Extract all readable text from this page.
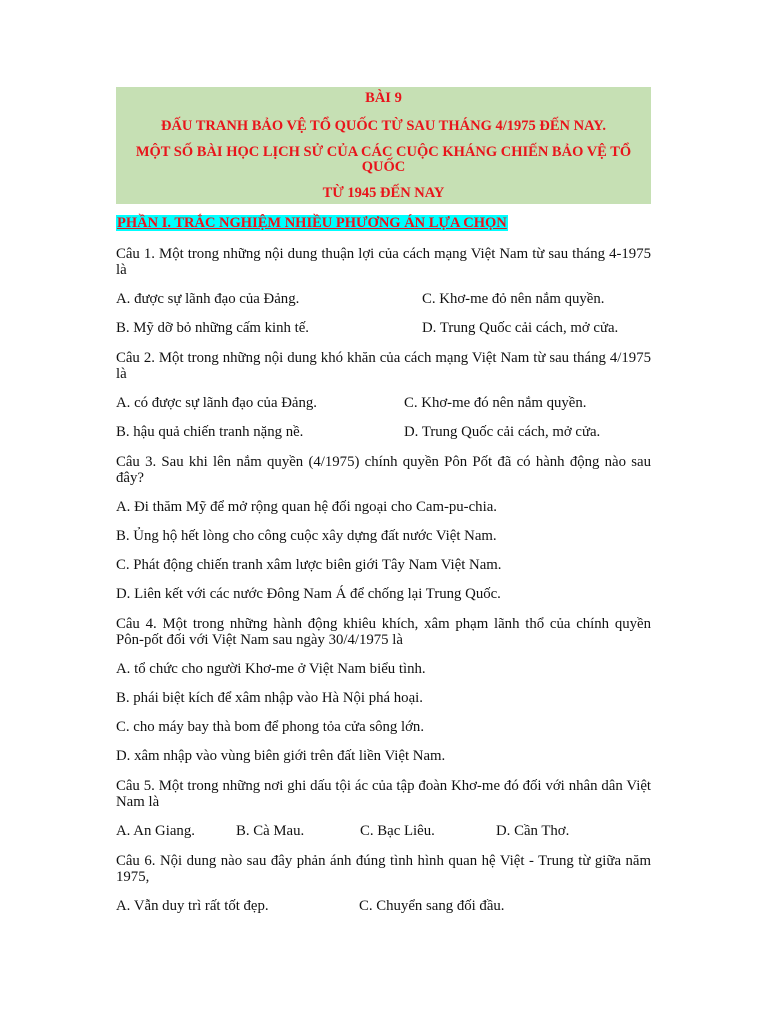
BÀI 9

ĐẤU TRANH BẢO VỆ TỔ QUỐC TỪ SAU THÁNG 4/1975 ĐẾN NAY.

MỘT SỐ BÀI HỌC LỊCH SỬ CỦA CÁC CUỘC KHÁNG CHIẾN BẢO VỆ TỔ QUỐC

TỪ 1945 ĐẾN NAY

PHẦN I. TRẮC NGHIỆM NHIỀU PHƯƠNG ÁN LỰA CHỌN
Câu 1. Một trong những nội dung thuận lợi của cách mạng Việt Nam từ sau tháng 4-1975 là
A. được sự lãnh đạo của Đảng.	C. Khơ-me đỏ nên nắm quyền.
B. Mỹ dỡ bỏ những cấm kinh tế.	D. Trung Quốc cải cách, mở cửa.
Câu 2. Một trong những nội dung khó khăn của cách mạng Việt Nam từ sau tháng 4/1975 là
A. có được sự lãnh đạo của Đảng.	C. Khơ-me đó nên nắm quyền.
B. hậu quả chiến tranh nặng nề.	D. Trung Quốc cải cách, mở cửa.
Câu 3. Sau khi lên nắm quyền (4/1975) chính quyền Pôn Pốt đã có hành động nào sau đây?
A. Đi thăm Mỹ để mở rộng quan hệ đối ngoại cho Cam-pu-chia.
B. Ủng hộ hết lòng cho công cuộc xây dựng đất nước Việt Nam.
C. Phát động chiến tranh xâm lược biên giới Tây Nam Việt Nam.
D. Liên kết với các nước Đông Nam Á để chống lại Trung Quốc.
Câu 4. Một trong những hành động khiêu khích, xâm phạm lãnh thổ của chính quyền Pôn-pốt đối với Việt Nam sau ngày 30/4/1975 là
A. tổ chức cho người Khơ-me ở Việt Nam biểu tình.
B. phái biệt kích để xâm nhập vào Hà Nội phá hoại.
C. cho máy bay thà bom để phong tỏa cửa sông lớn.
D. xâm nhập vào vùng biên giới trên đất liền Việt Nam.
Câu 5. Một trong những nơi ghi dấu tội ác của tập đoàn Khơ-me đó đối với nhân dân Việt Nam là
A. An Giang.	B. Cà Mau.	C. Bạc Liêu.	D. Cần Thơ.
Câu 6. Nội dung nào sau đây phản ánh đúng tình hình quan hệ Việt - Trung từ giữa năm 1975,
A. Vẫn duy trì rất tốt đẹp.	C. Chuyển sang đối đầu.
